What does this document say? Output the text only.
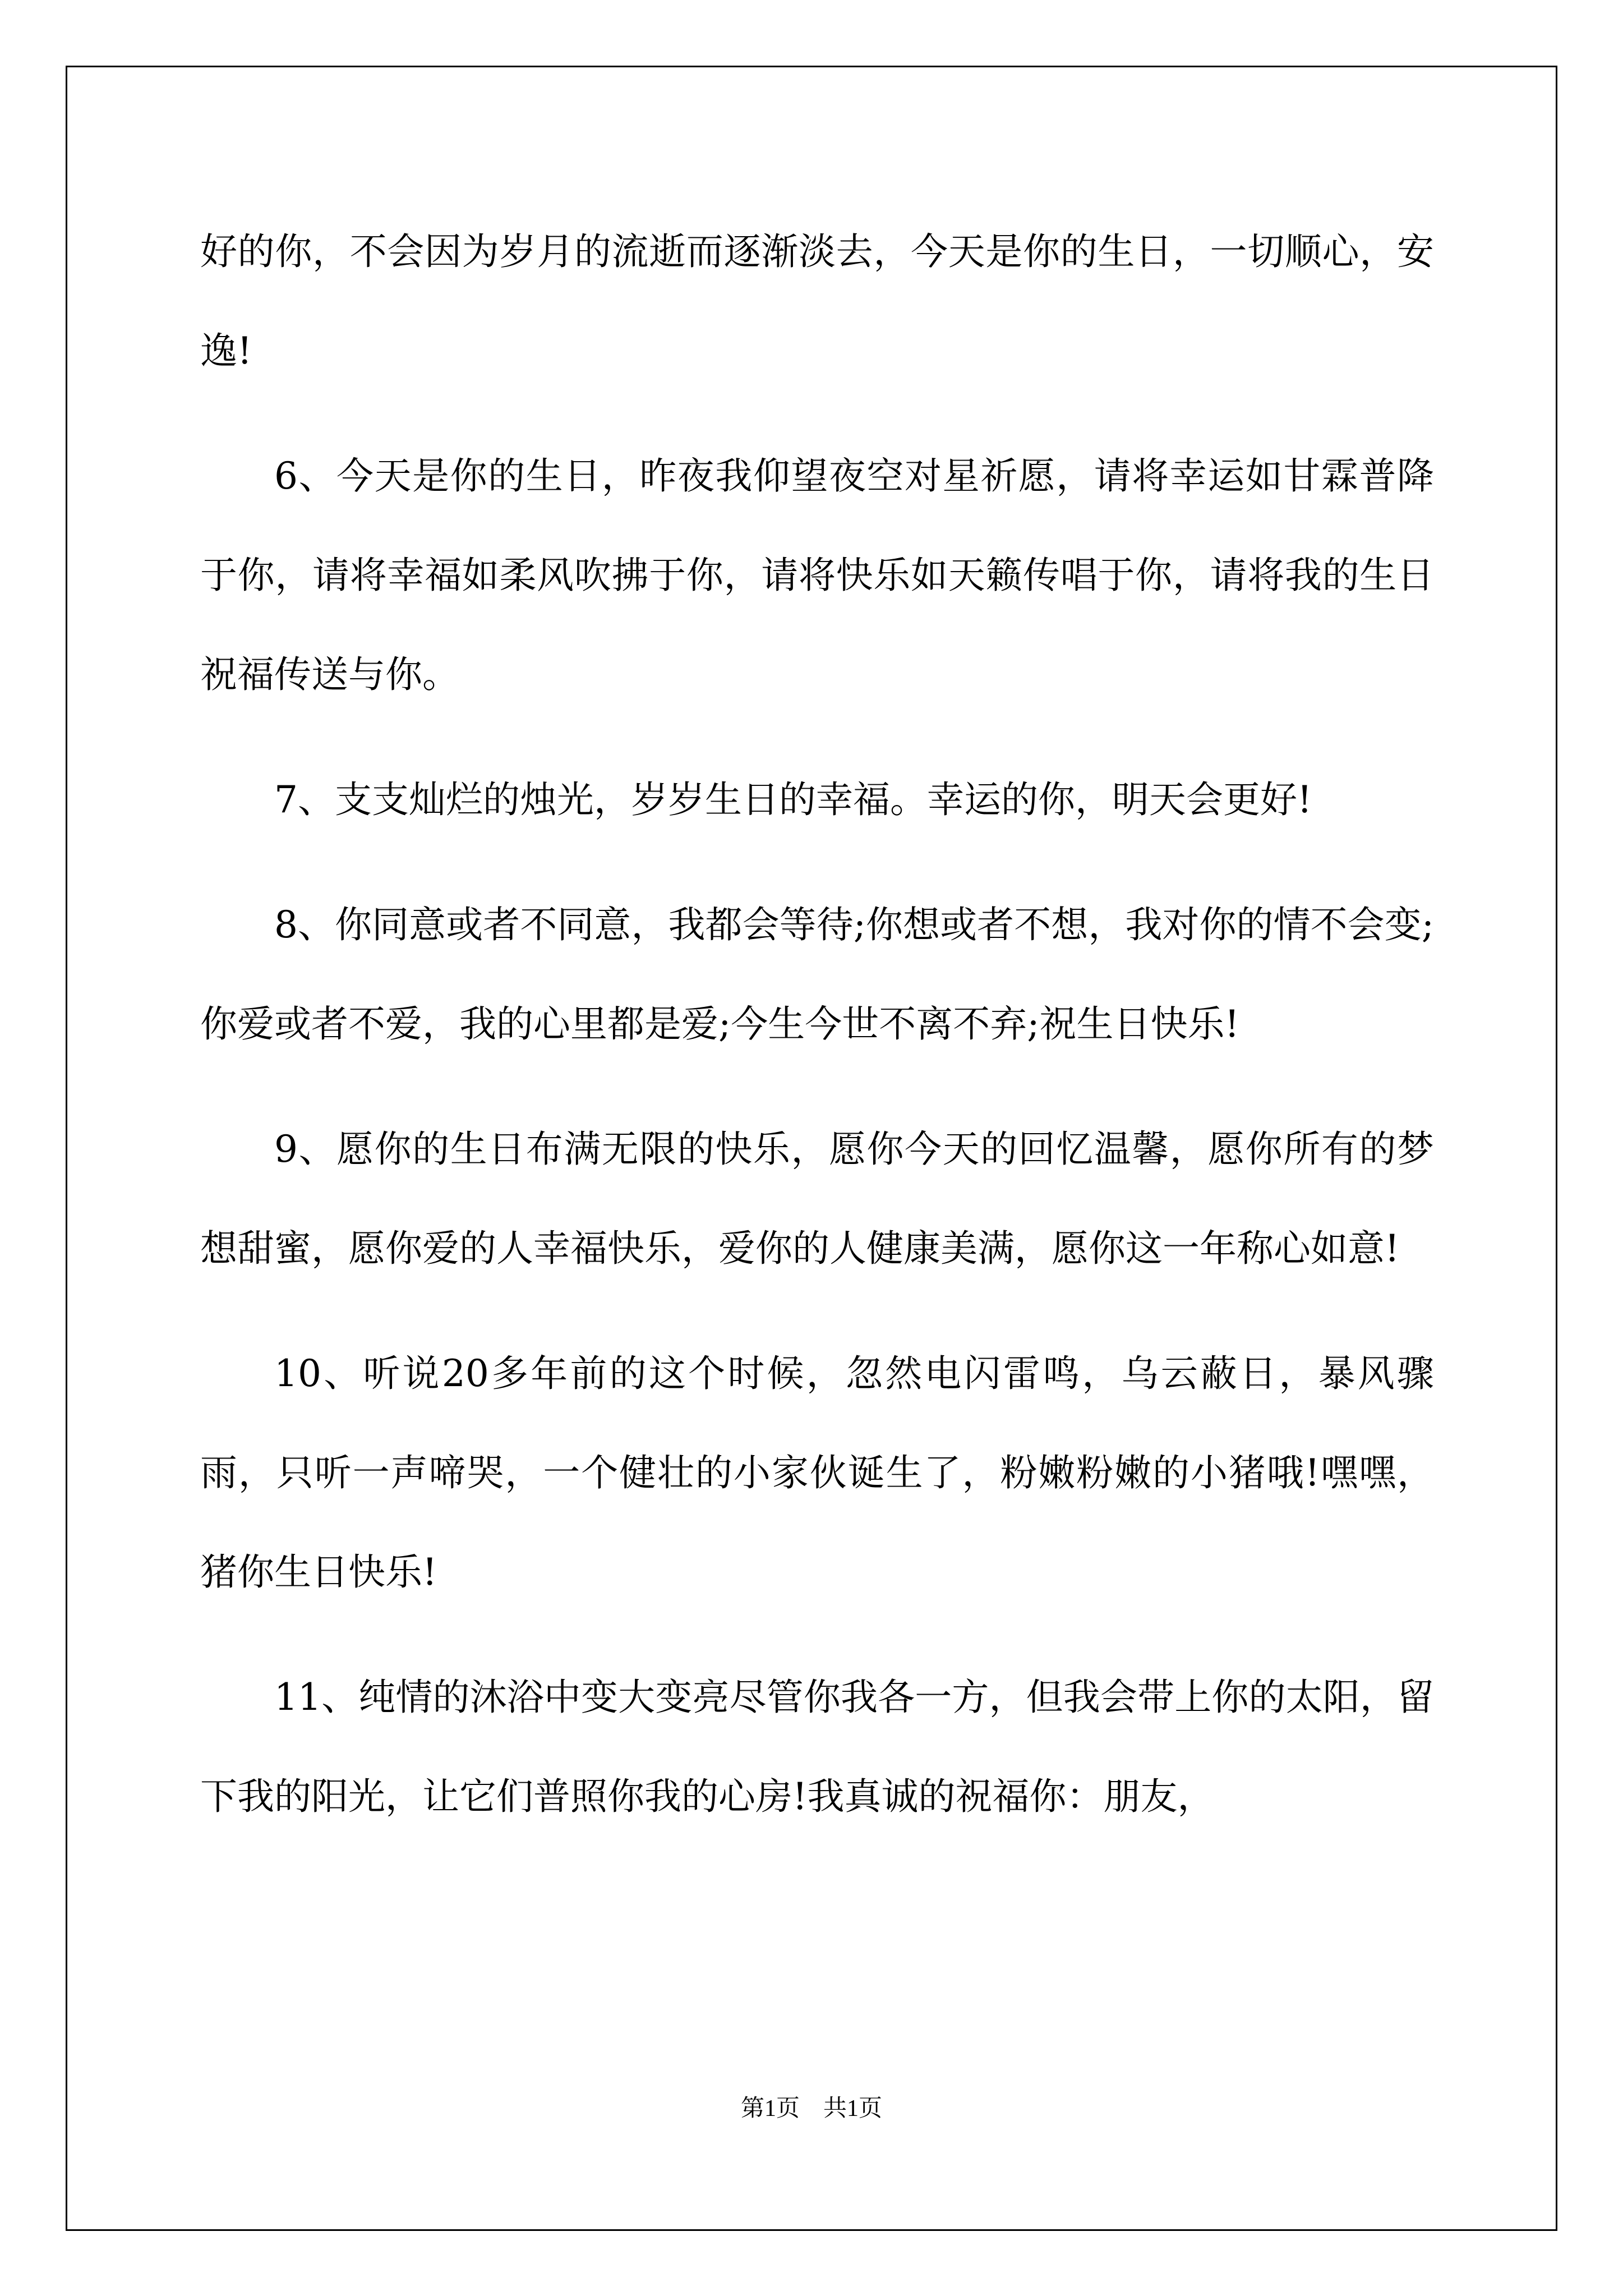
好的你，不会因为岁月的流逝而逐渐淡去，今天是你的生日，一切顺心，安逸!

6、今天是你的生日，昨夜我仰望夜空对星祈愿，请将幸运如甘霖普降于你，请将幸福如柔风吹拂于你，请将快乐如天籁传唱于你，请将我的生日祝福传送与你。

7、支支灿烂的烛光，岁岁生日的幸福。幸运的你，明天会更好!

8、你同意或者不同意，我都会等待;你想或者不想，我对你的情不会变;你爱或者不爱，我的心里都是爱;今生今世不离不弃;祝生日快乐!

9、愿你的生日布满无限的快乐，愿你今天的回忆温馨，愿你所有的梦想甜蜜，愿你爱的人幸福快乐，爱你的人健康美满，愿你这一年称心如意!

10、听说20多年前的这个时候，忽然电闪雷鸣，乌云蔽日，暴风骤雨，只听一声啼哭，一个健壮的小家伙诞生了，粉嫩粉嫩的小猪哦!嘿嘿，猪你生日快乐!

11、纯情的沐浴中变大变亮尽管你我各一方，但我会带上你的太阳，留下我的阳光，让它们普照你我的心房!我真诚的祝福你：朋友，

第1页　共1页
